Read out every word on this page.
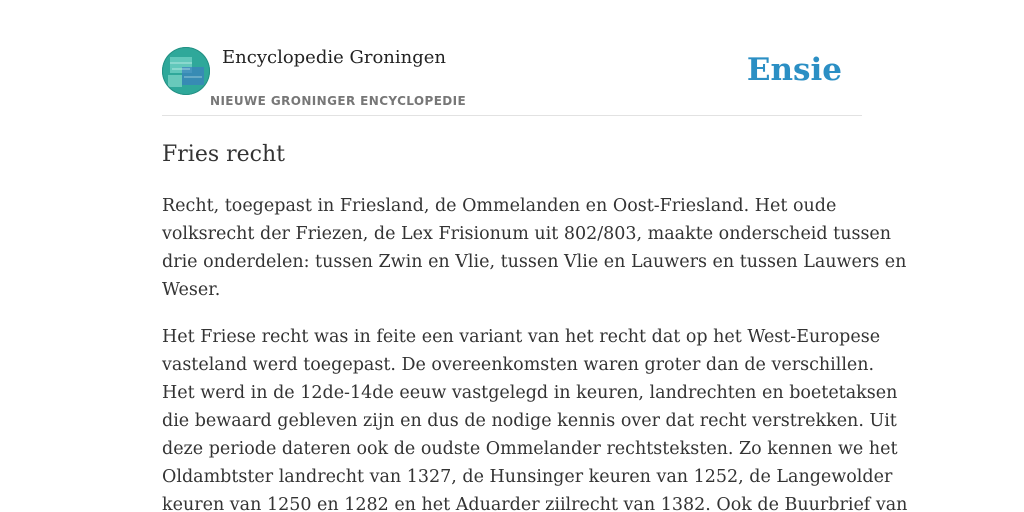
Encyclopedie Groningen
NIEUWE GRONINGER ENCYCLOPEDIE
Ensie
Fries recht

Recht, toegepast in Friesland, de Ommelanden en Oost-Friesland. Het oude
volksrecht der Friezen, de Lex Frisionum uit 802/803, maakte onderscheid tussen
drie onderdelen: tussen Zwin en Vlie, tussen Vlie en Lauwers en tussen Lauwers en
Weser.

Het Friese recht was in feite een variant van het recht dat op het West-Europese
vasteland werd toegepast. De overeenkomsten waren groter dan de verschillen.
Het werd in de 12de-14de eeuw vastgelegd in keuren, landrechten en boetetaksen
die bewaard gebleven zijn en dus de nodige kennis over dat recht verstrekken. Uit
deze periode dateren ook de oudste Ommelander rechtsteksten. Zo kennen we het
Oldambtster landrecht van 1327, de Hunsinger keuren van 1252, de Langewolder
keuren van 1250 en 1282 en het Aduarder ziilrecht van 1382. Ook de Buurbrief van
